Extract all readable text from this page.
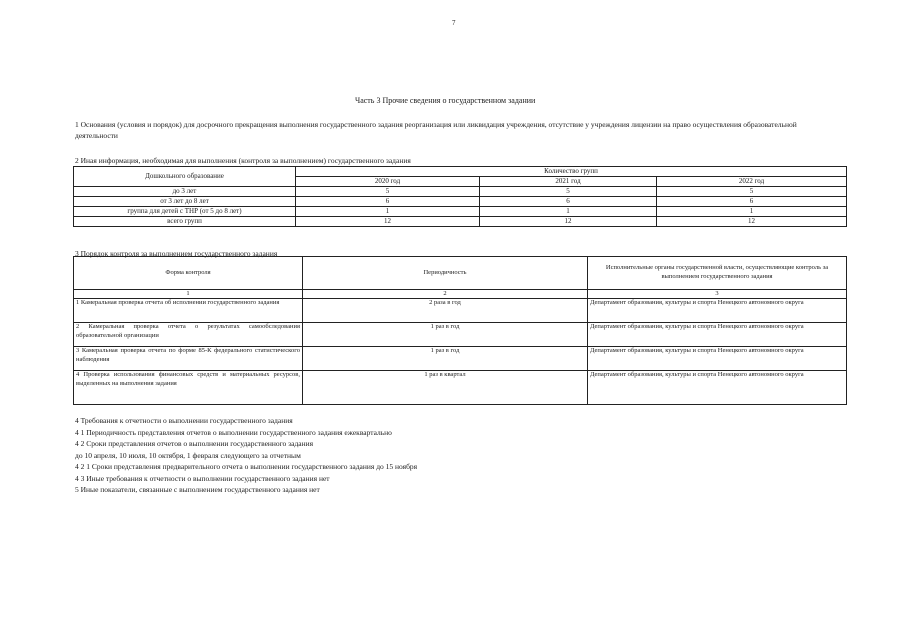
7
Часть 3 Прочие сведения о государственном задании
1 Основания (условия и порядок) для досрочного прекращения выполнения государственного задания реорганизация или ликвидация учреждения, отсутствие у учреждения лицензии на право осуществления образовательной деятельности
2 Иная информация, необходимая для выполнения (контроля за выполнением) государственного задания
Дошкольного образование	Количество групп		
	2020 год	2021 год	2022 год
до 3 лет	5	5	5
от 3 лет до 8 лет	6	6	6
группа для детей с ТНР (от 5 до 8 лет)	1	1	1
всего групп	12	12	12
3 Порядок контроля за выполнением государственного задания
Форма контроля	Периодичность	Исполнительные органы государственной власти, осуществляющие контроль за выполнением государственного задания
1	2	3
1 Камеральная проверка отчета об исполнении государственного задания	2 раза в год	Департамент образования, культуры и спорта Ненецкого автономного округа
2 Камеральная проверка отчета о результатах самообследования образовательной организации	1 раз в год	Департамент образования, культуры и спорта Ненецкого автономного округа
3 Камеральная проверка отчета по форме 85-К федерального статистического наблюдения	1 раз в год	Департамент образования, культуры и спорта Ненецкого автономного округа
4 Проверка использования финансовых средств и материальных ресурсов, выделенных на выполнения задания	1 раз в квартал	Департамент образования, культуры и спорта Ненецкого автономного округа
4 Требования к отчетности о выполнении государственного задания
4 1 Периодичность представления отчетов о выполнении государственного задания ежеквартально
4 2 Сроки представления отчетов о выполнении государственного задания
до 10 апреля, 10 июля, 10 октября, 1 февраля следующего за отчетным
4 2 1 Сроки представления предварительного отчета о выполнении государственного задания до 15 ноября
4 3 Иные требования к отчетности о выполнении государственного задания нет
5 Иные показатели, связанные с выполнением государственного задания нет
